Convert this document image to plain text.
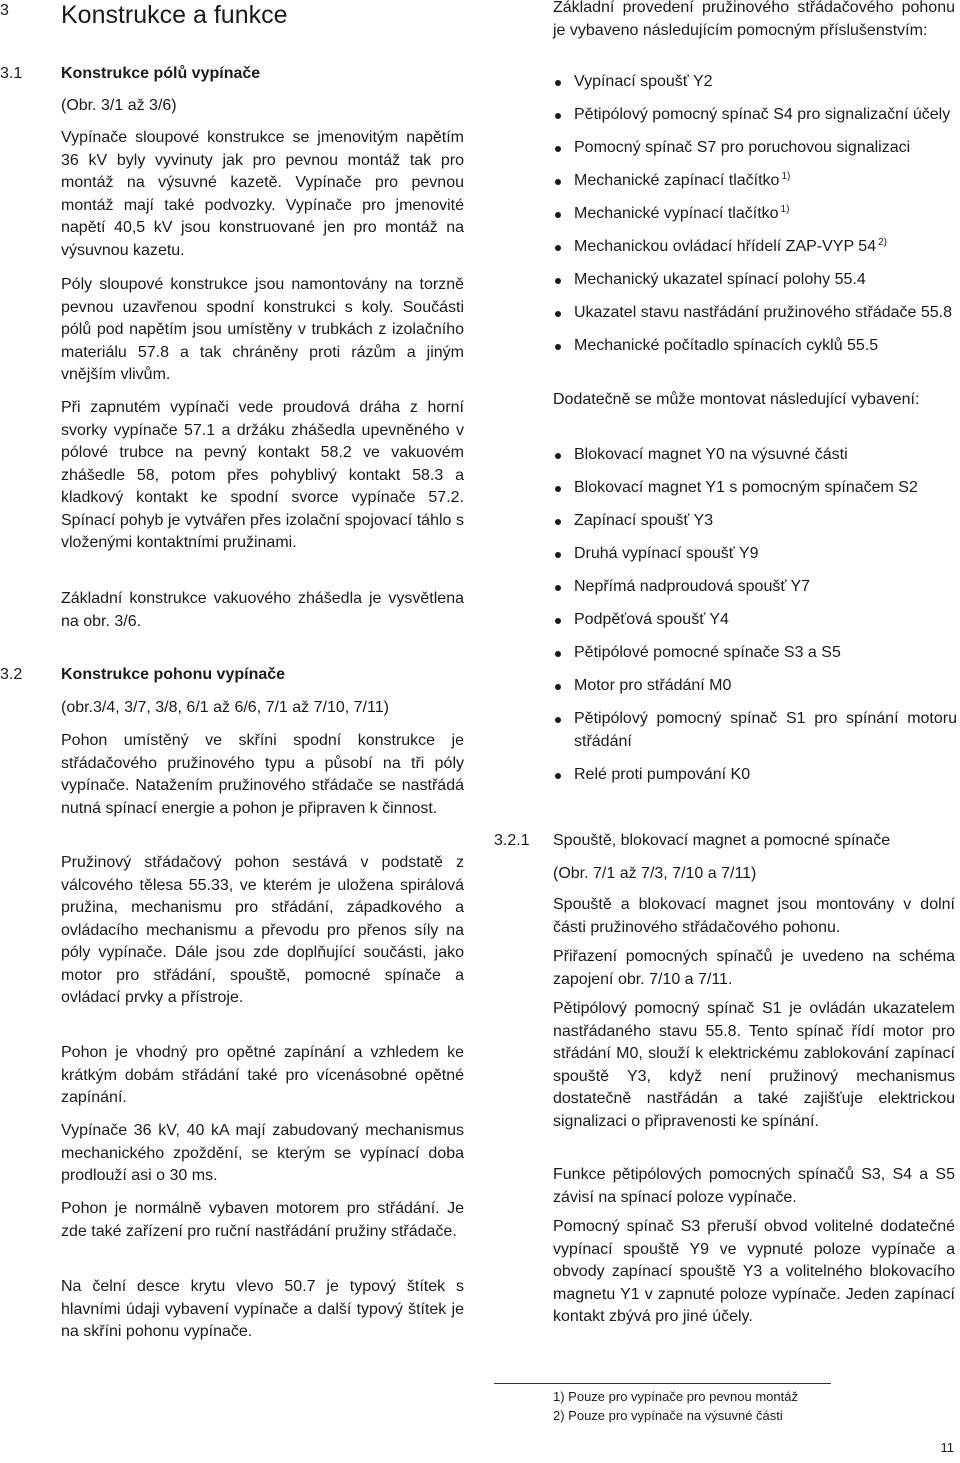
3 Konstrukce a funkce
3.1 Konstrukce pólů vypínače

(Obr. 3/1 až 3/6)

Vypínače sloupové konstrukce se jmenovitým napětím 36 kV byly vyvinuty jak pro pevnou montáž tak pro montáž na výsuvné kazetě. Vypínače pro pevnou montáž mají také podvozky. Vypínače pro jmenovité napětí 40,5 kV jsou konstruované jen pro montáž na výsuvnou kazetu.

Póly sloupové konstrukce jsou namontovány na torzně pevnou uzavřenou spodní konstrukci s koly. Součásti pólů pod napětím jsou umístěny v trubkách z izolačního materiálu 57.8 a tak chráněny proti rázům a jiným vnějším vlivům.

Při zapnutém vypínači vede proudová dráha z horní svorky vypínače 57.1 a držáku zhášedla upevněného v pólové trubce na pevný kontakt 58.2 ve vakuovém zhášedle 58, potom přes pohyblivý kontakt 58.3 a kladkový kontakt ke spodní svorce vypínače 57.2. Spínací pohyb je vytvářen přes izolační spojovací táhlo s vloženými kontaktními pružinami.

Základní konstrukce vakuového zhášedla je vysvětlena na obr. 3/6.

3.2 Konstrukce pohonu vypínače

(obr.3/4, 3/7, 3/8, 6/1 až 6/6, 7/1 až 7/10, 7/11)

Pohon umístěný ve skříni spodní konstrukce je střádačového pružinového typu a působí na tři póly vypínače. Natažením pružinového střádače se nastřádá nutná spínací energie a pohon je připraven k činnost.

Pružinový střádačový pohon sestává v podstatě z válcového tělesa 55.33, ve kterém je uložena spirálová pružina, mechanismu pro střádání, západkového a ovládacího mechanismu a převodu pro přenos síly na póly vypínače. Dále jsou zde doplňující součásti, jako motor pro střádání, spouště, pomocné spínače a ovládací prvky a přístroje.

Pohon je vhodný pro opětné zapínání a vzhledem ke krátkým dobám střádání také pro vícenásobné opětné zapínání.

Vypínače 36 kV, 40 kA mají zabudovaný mechanismus mechanického zpoždění, se kterým se vypínací doba prodlouží asi o 30 ms.

Pohon je normálně vybaven motorem pro střádání. Je zde také zařízení pro ruční nastřádání pružiny střádače.

Na čelní desce krytu vlevo 50.7 je typový štítek s hlavními údaji vybavení vypínače a další typový štítek je na skříni pohonu vypínače.

Základní provedení pružinového střádačového pohonu je vybaveno následujícím pomocným příslušenstvím:

Vypínací spoušť Y2
Pětipólový pomocný spínač S4 pro signalizační účely
Pomocný spínač S7 pro poruchovou signalizaci
Mechanické zapínací tlačítko $^{1)}$
Mechanické vypínací tlačítko $^{1)}$
Mechanickou ovládací hřídelí ZAP-VYP 54 $^{2)}$
Mechanický ukazatel spínací polohy 55.4
Ukazatel stavu nastřádání pružinového střádače 55.8
Mechanické počítadlo spínacích cyklů 55.5

Dodatečně se může montovat následující vybavení:

Blokovací magnet Y0 na výsuvné části
Blokovací magnet Y1 s pomocným spínačem S2
Zapínací spoušť Y3
Druhá vypínací spoušť Y9
Nepřímá nadproudová spoušť Y7
Podpěťová spoušť Y4
Pětipólové pomocné spínače S3 a S5
Motor pro střádání M0
Pětipólový pomocný spínač S1 pro spínání motoru střádání
Relé proti pumpování K0
3.2.1 Spouště, blokovací magnet a pomocné spínače

(Obr. 7/1 až 7/3, 7/10 a 7/11)

Spouště a blokovací magnet jsou montovány v dolní části pružinového střádačového pohonu.

Přiřazení pomocných spínačů je uvedeno na schéma zapojení obr. 7/10 a 7/11.

Pětipólový pomocný spínač S1 je ovládán ukazatelem nastřádaného stavu 55.8. Tento spínač řídí motor pro střádání M0, slouží k elektrickému zablokování zapínací spouště Y3, když není pružinový mechanismus dostatečně nastřádán a také zajišťuje elektrickou signalizaci o připravenosti ke spínání.

Funkce pětipólových pomocných spínačů S3, S4 a S5 závisí na spínací poloze vypínače.

Pomocný spínač S3 přeruší obvod volitelné dodatečné vypínací spouště Y9 ve vypnuté poloze vypínače a obvody zapínací spouště Y3 a volitelného blokovacího magnetu Y1 v zapnuté poloze vypínače. Jeden zapínací kontakt zbývá pro jiné účely.

1) Pouze pro vypínače pro pevnou montáž

2) Pouze pro vypínače na výsuvné části

11
